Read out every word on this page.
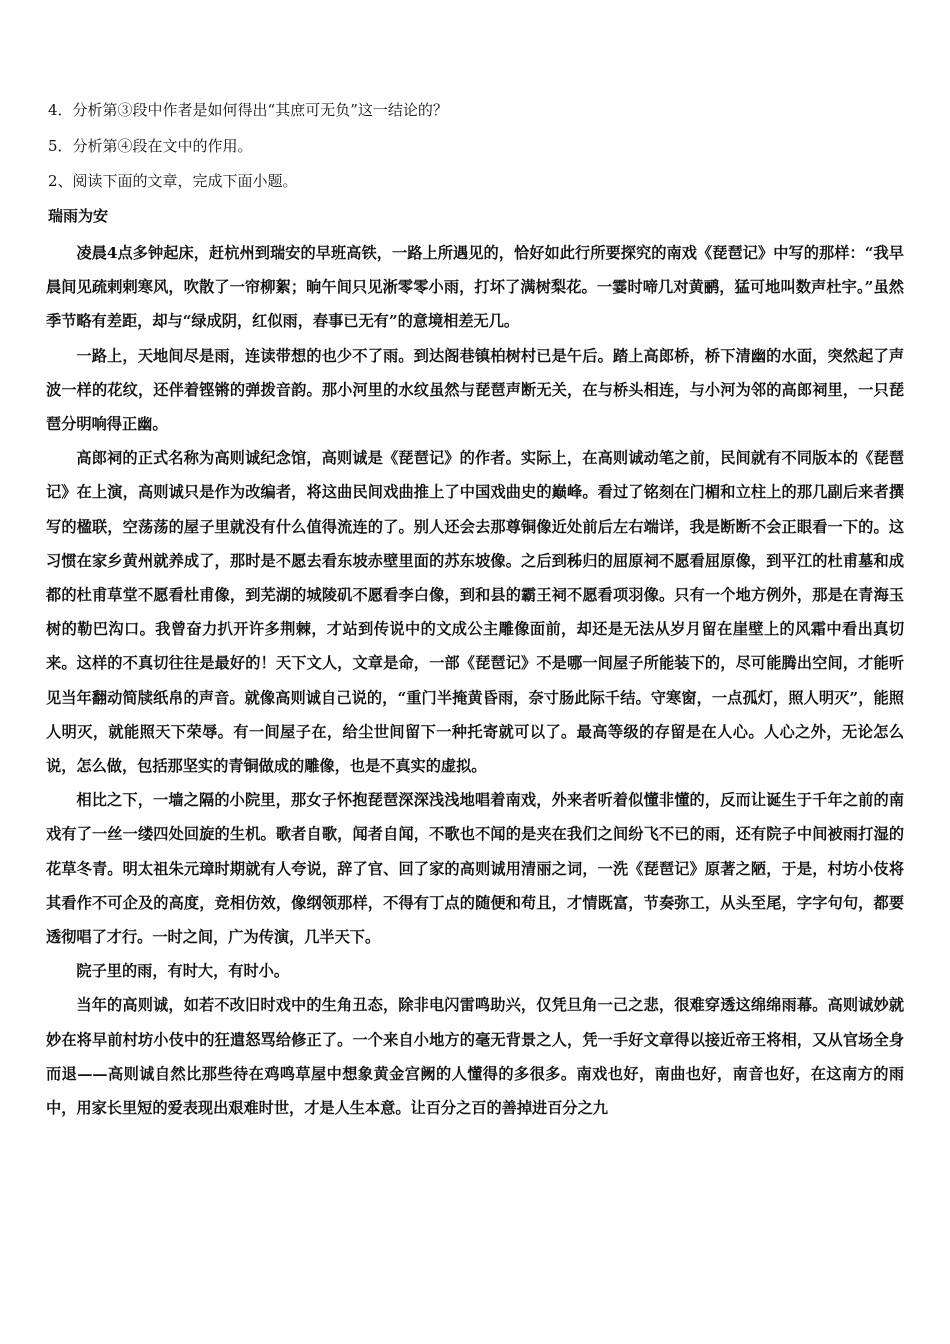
4．分析第③段中作者是如何得出“其庶可无负”这一结论的？
5．分析第④段在文中的作用。
2、阅读下面的文章，完成下面小题。
瑞雨为安

凌晨4点多钟起床，赶杭州到瑞安的早班高铁，一路上所遇见的，恰好如此行所要探究的南戏《琵琶记》中写的那样：“我早晨间见疏剌剌寒风，吹散了一帘柳絮；晌午间只见淅零零小雨，打坏了满树梨花。一霎时啼几对黄鹂，猛可地叫数声杜宇。”虽然季节略有差距，却与“绿成阴，红似雨，春事已无有”的意境相差无几。

一路上，天地间尽是雨，连读带想的也少不了雨。到达阁巷镇柏树村已是午后。踏上高郎桥，桥下清幽的水面，突然起了声波一样的花纹，还伴着铿锵的弹拨音韵。那小河里的水纹虽然与琵琶声断无关，在与桥头相连，与小河为邻的高郎祠里，一只琵琶分明响得正幽。

高郎祠的正式名称为高则诚纪念馆，高则诚是《琵琶记》的作者。实际上，在高则诚动笔之前，民间就有不同版本的《琵琶记》在上演，高则诚只是作为改编者，将这曲民间戏曲推上了中国戏曲史的巅峰。看过了铭刻在门楣和立柱上的那几副后来者撰写的楹联，空荡荡的屋子里就没有什么值得流连的了。别人还会去那尊铜像近处前后左右端详，我是断断不会正眼看一下的。这习惯在家乡黄州就养成了，那时是不愿去看东坡赤壁里面的苏东坡像。之后到秭归的屈原祠不愿看屈原像，到平江的杜甫墓和成都的杜甫草堂不愿看杜甫像，到芜湖的城陵矶不愿看李白像，到和县的霸王祠不愿看项羽像。只有一个地方例外，那是在青海玉树的勒巴沟口。我曾奋力扒开许多荆棘，才站到传说中的文成公主雕像面前，却还是无法从岁月留在崖壁上的风霜中看出真切来。这样的不真切往往是最好的！天下文人，文章是命，一部《琵琶记》不是哪一间屋子所能装下的，尽可能腾出空间，才能听见当年翻动简牍纸帛的声音。就像高则诚自己说的，“重门半掩黄昏雨，奈寸肠此际千结。守寒窗，一点孤灯，照人明灭”，能照人明灭，就能照天下荣辱。有一间屋子在，给尘世间留下一种托寄就可以了。最高等级的存留是在人心。人心之外，无论怎么说，怎么做，包括那坚实的青铜做成的雕像，也是不真实的虚拟。

相比之下，一墙之隔的小院里，那女子怀抱琵琶深深浅浅地唱着南戏，外来者听着似懂非懂的，反而让诞生于千年之前的南戏有了一丝一缕四处回旋的生机。歌者自歌，闻者自闻，不歌也不闻的是夹在我们之间纷飞不已的雨，还有院子中间被雨打湿的花草冬青。明太祖朱元璋时期就有人夸说，辞了官、回了家的高则诚用清丽之词，一洗《琵琶记》原著之陋，于是，村坊小伎将其看作不可企及的高度，竞相仿效，像纲领那样，不得有丁点的随便和苟且，才情既富，节奏弥工，从头至尾，字字句句，都要透彻唱了才行。一时之间，广为传演，几半天下。

院子里的雨，有时大，有时小。

当年的高则诚，如若不改旧时戏中的生角丑态，除非电闪雷鸣助兴，仅凭旦角一己之悲，很难穿透这绵绵雨幕。高则诚妙就妙在将早前村坊小伎中的狂遣怒骂给修正了。一个来自小地方的毫无背景之人，凭一手好文章得以接近帝王将相，又从官场全身而退——高则诚自然比那些待在鸡鸣草屋中想象黄金宫阙的人懂得的多很多。南戏也好，南曲也好，南音也好，在这南方的雨中，用家长里短的爱表现出艰难时世，才是人生本意。让百分之百的善掉进百分之九
